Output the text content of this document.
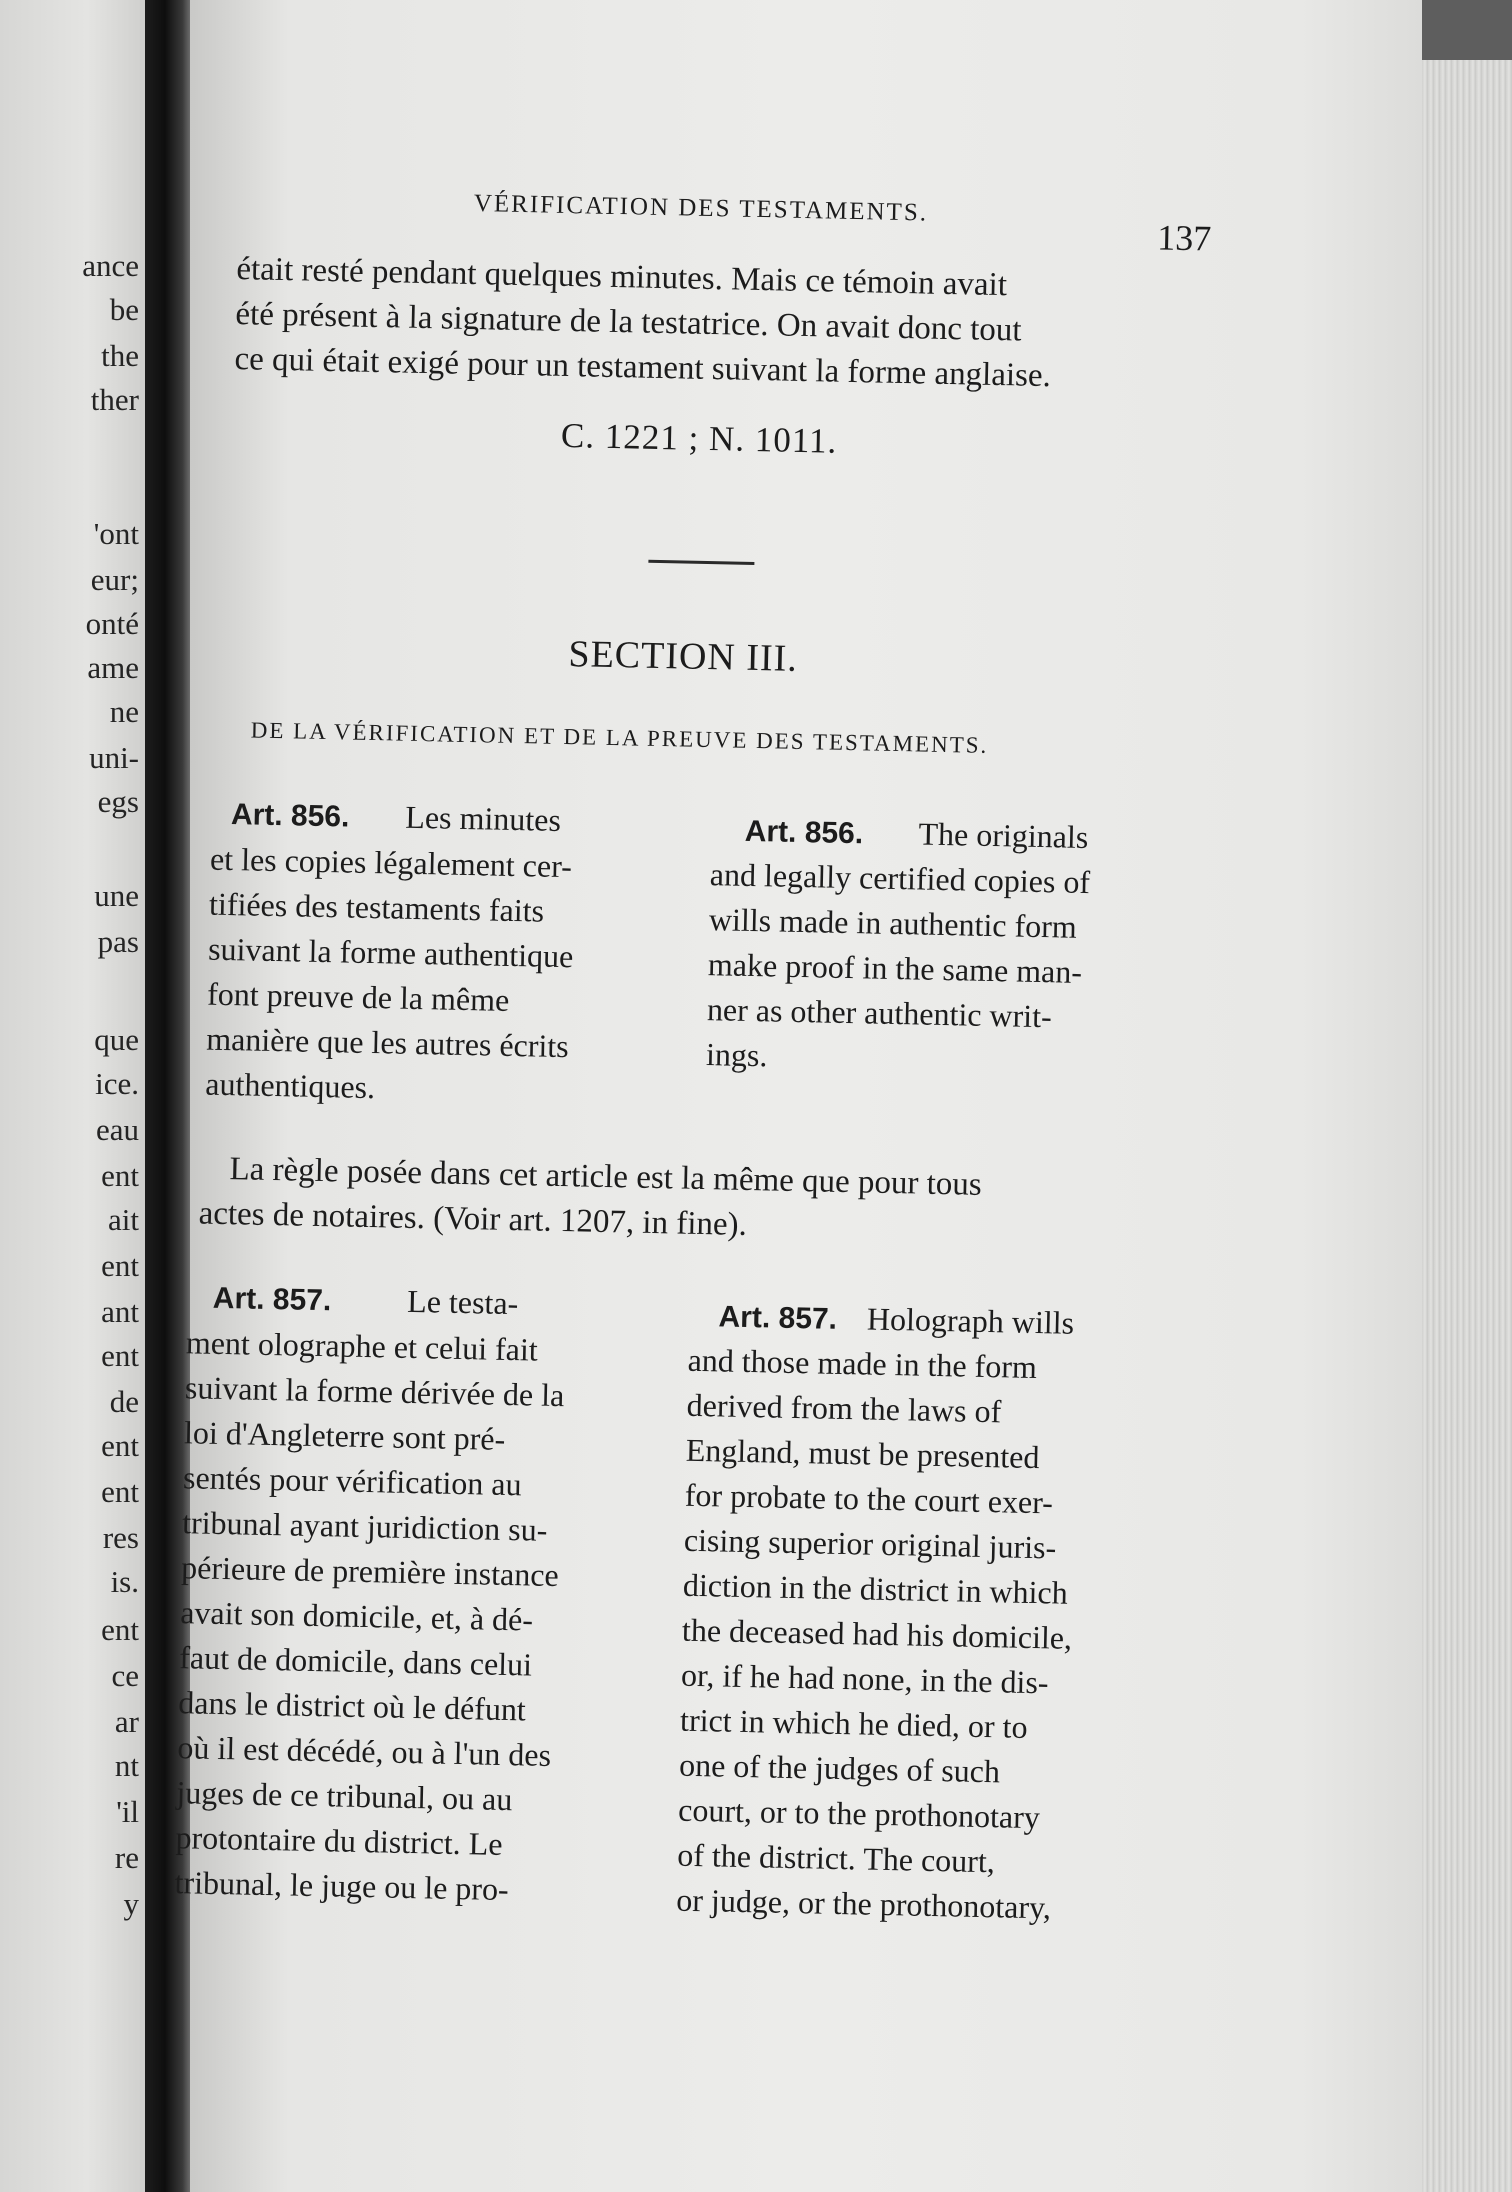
ance
be
the
ther
'ont
eur;
onté
ame
ne
uni-
egs
une
pas
que
ice.
eau
ent
ait
ent
ant
ent
de
ent
ent
res
is.
ent
ce
ar
nt
'il
re
y
VÉRIFICATION DES TESTAMENTS.
137
était resté pendant quelques minutes. Mais ce témoin avait
été présent à la signature de la testatrice. On avait donc tout
ce qui était exigé pour un testament suivant la forme anglaise.
C. 1221 ; N. 1011.
SECTION III.
DE LA VÉRIFICATION ET DE LA PREUVE DES TESTAMENTS.
Art. 856. Les minutes
et les copies légalement cer-
tifiées des testaments faits
suivant la forme authentique
font preuve de la même
manière que les autres écrits
authentiques.
Art. 856. The originals
and legally certified copies of
wills made in authentic form
make proof in the same man-
ner as other authentic writ-
ings.
La règle posée dans cet article est la même que pour tous
actes de notaires. (Voir art. 1207, in fine).
Art. 857. Le testa-
ment olographe et celui fait
suivant la forme dérivée de la
loi d'Angleterre sont pré-
sentés pour vérification au
tribunal ayant juridiction su-
périeure de première instance
avait son domicile, et, à dé-
faut de domicile, dans celui
dans le district où le défunt
où il est décédé, ou à l'un des
juges de ce tribunal, ou au
protontaire du district. Le
tribunal, le juge ou le pro-
Art. 857. Holograph wills
and those made in the form
derived from the laws of
England, must be presented
for probate to the court exer-
cising superior original juris-
diction in the district in which
the deceased had his domicile,
or, if he had none, in the dis-
trict in which he died, or to
one of the judges of such
court, or to the prothonotary
of the district. The court,
or judge, or the prothonotary,
